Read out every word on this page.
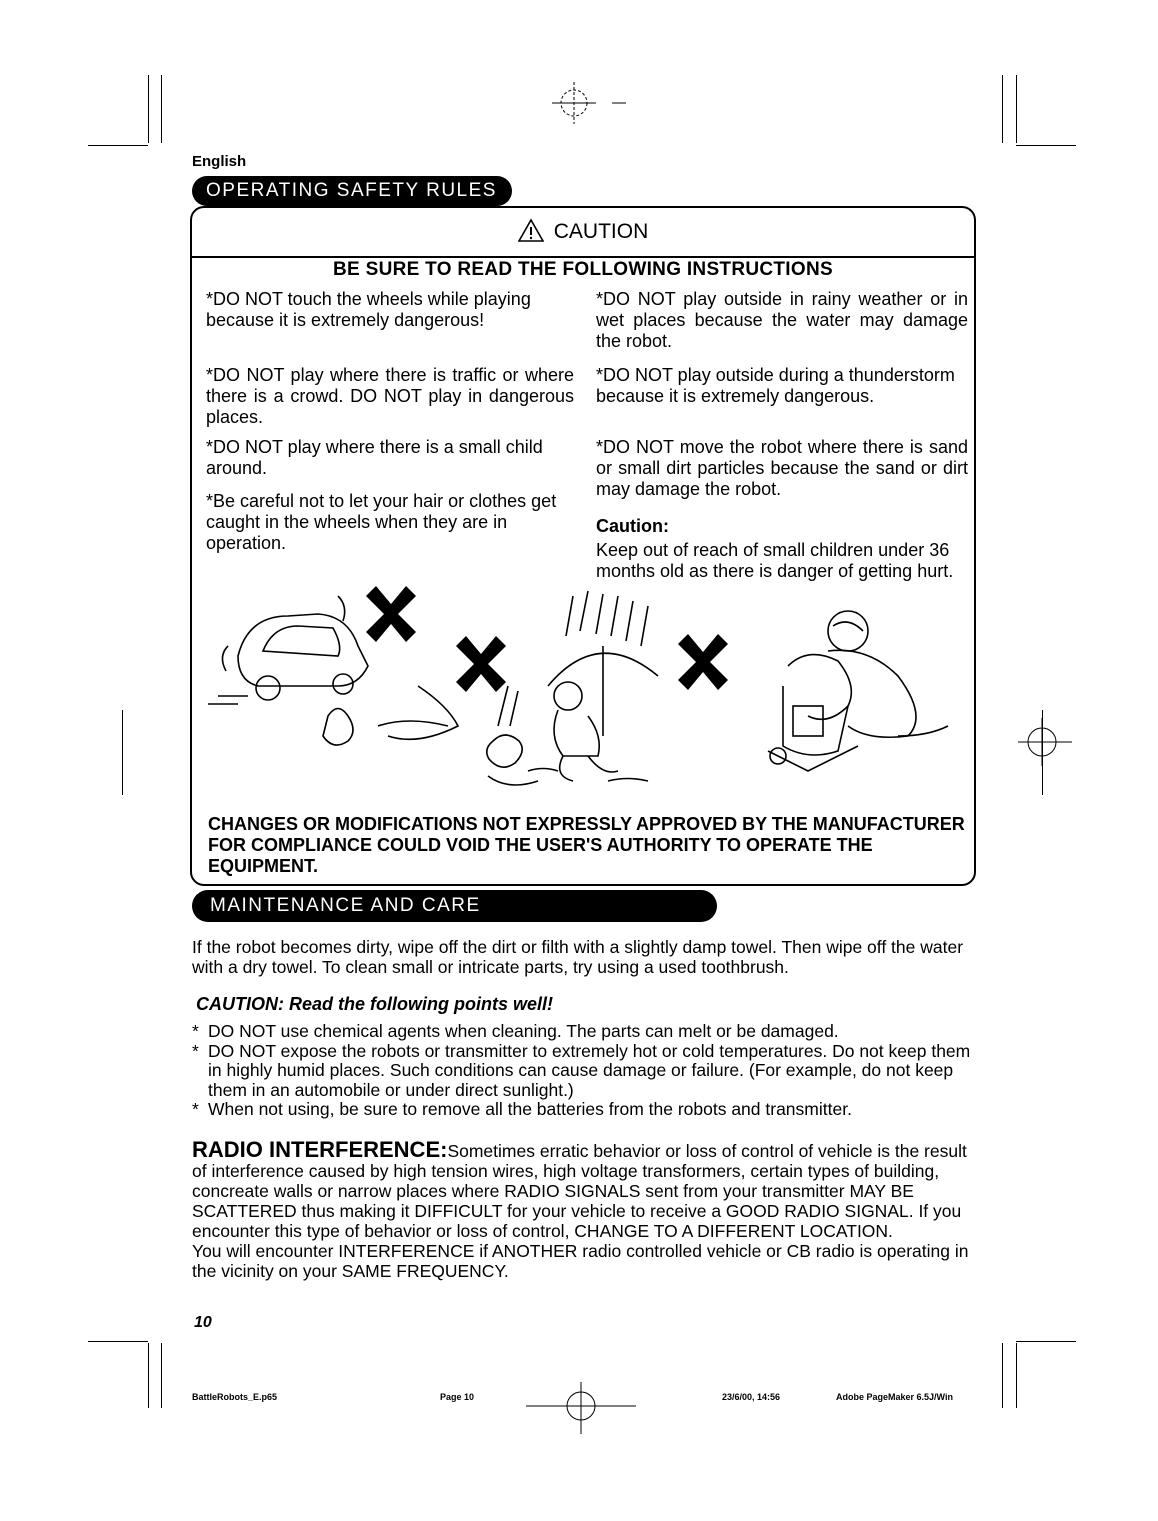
English
OPERATING SAFETY RULES
CAUTION
BE SURE TO READ THE FOLLOWING INSTRUCTIONS

*DO NOT touch the wheels while playing because it is extremely dangerous!

*DO NOT play where there is traffic or where there is a crowd. DO NOT play in dangerous places.

*DO NOT play where there is a small child around.

*Be careful not to let your hair or clothes get caught in the wheels when they are in operation.

*DO NOT play outside in rainy weather or in wet places because the water may damage the robot.

*DO NOT play outside during a thunderstorm because it is extremely dangerous.

*DO NOT move the robot where there is sand or small dirt particles because the sand or dirt may damage the robot.

Caution:

Keep out of reach of small children under 36 months old as there is danger of getting hurt.

CHANGES OR MODIFICATIONS NOT EXPRESSLY APPROVED BY THE MANUFACTURER FOR COMPLIANCE COULD VOID THE USER'S AUTHORITY TO OPERATE THE EQUIPMENT.
MAINTENANCE AND CARE
If the robot becomes dirty, wipe off the dirt or filth with a slightly damp towel. Then wipe off the water with a dry towel. To clean small or intricate parts, try using a used toothbrush.
CAUTION: Read the following points well!
* DO NOT use chemical agents when cleaning. The parts can melt or be damaged.
* DO NOT expose the robots or transmitter to extremely hot or cold temperatures. Do not keep them in highly humid places. Such conditions can cause damage or failure. (For example, do not keep them in an automobile or under direct sunlight.)
* When not using, be sure to remove all the batteries from the robots and transmitter.
RADIO INTERFERENCE:Sometimes erratic behavior or loss of control of vehicle is the result of interference caused by high tension wires, high voltage transformers, certain types of building, concreate walls or narrow places where RADIO SIGNALS sent from your transmitter MAY BE SCATTERED thus making it DIFFICULT for your vehicle to receive a GOOD RADIO SIGNAL. If you encounter this type of behavior or loss of control, CHANGE TO A DIFFERENT LOCATION.
You will encounter INTERFERENCE if ANOTHER radio controlled vehicle or CB radio is operating in the vicinity on your SAME FREQUENCY.
10
BattleRobots_E.p65	Page 10	23/6/00, 14:56	Adobe PageMaker 6.5J/Win
